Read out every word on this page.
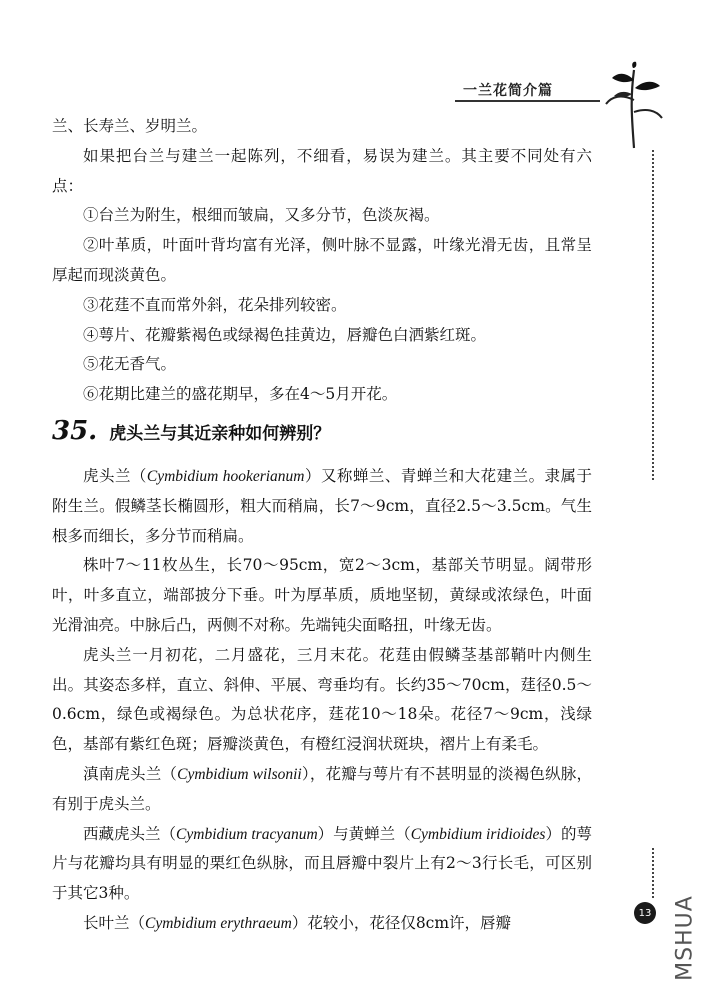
一兰花简介篇

兰、长寿兰、岁明兰。

如果把台兰与建兰一起陈列，不细看，易误为建兰。其主要不同处有六点：

①台兰为附生，根细而皱扁，又多分节，色淡灰褐。

②叶革质，叶面叶背均富有光泽，侧叶脉不显露，叶缘光滑无齿，且常呈厚起而现淡黄色。

③花莛不直而常外斜，花朵排列较密。

④萼片、花瓣紫褐色或绿褐色挂黄边，唇瓣色白洒紫红斑。

⑤花无香气。

⑥花期比建兰的盛花期早，多在4～5月开花。

35. 虎头兰与其近亲种如何辨别？

虎头兰（Cymbidium hookerianum）又称蝉兰、青蝉兰和大花建兰。隶属于附生兰。假鳞茎长椭圆形，粗大而稍扁，长7～9cm，直径2.5～3.5cm。气生根多而细长，多分节而稍扁。

株叶7～11枚丛生，长70～95cm，宽2～3cm，基部关节明显。阔带形叶，叶多直立，端部披分下垂。叶为厚革质，质地坚韧，黄绿或浓绿色，叶面光滑油亮。中脉后凸，两侧不对称。先端钝尖面略扭，叶缘无齿。

虎头兰一月初花，二月盛花，三月末花。花莛由假鳞茎基部鞘叶内侧生出。其姿态多样，直立、斜伸、平展、弯垂均有。长约35～70cm，莛径0.5～0.6cm，绿色或褐绿色。为总状花序，莛花10～18朵。花径7～9cm，浅绿色，基部有紫红色斑；唇瓣淡黄色，有橙红浸润状斑块，褶片上有柔毛。

滇南虎头兰（Cymbidium wilsonii），花瓣与萼片有不甚明显的淡褐色纵脉，有别于虎头兰。

西藏虎头兰（Cymbidium tracyanum）与黄蝉兰（Cymbidium iridioides）的萼片与花瓣均具有明显的栗红色纵脉，而且唇瓣中裂片上有2～3行长毛，可区别于其它3种。

长叶兰（Cymbidium erythraeum）花较小，花径仅8cm许，唇瓣

13 MSHUA
